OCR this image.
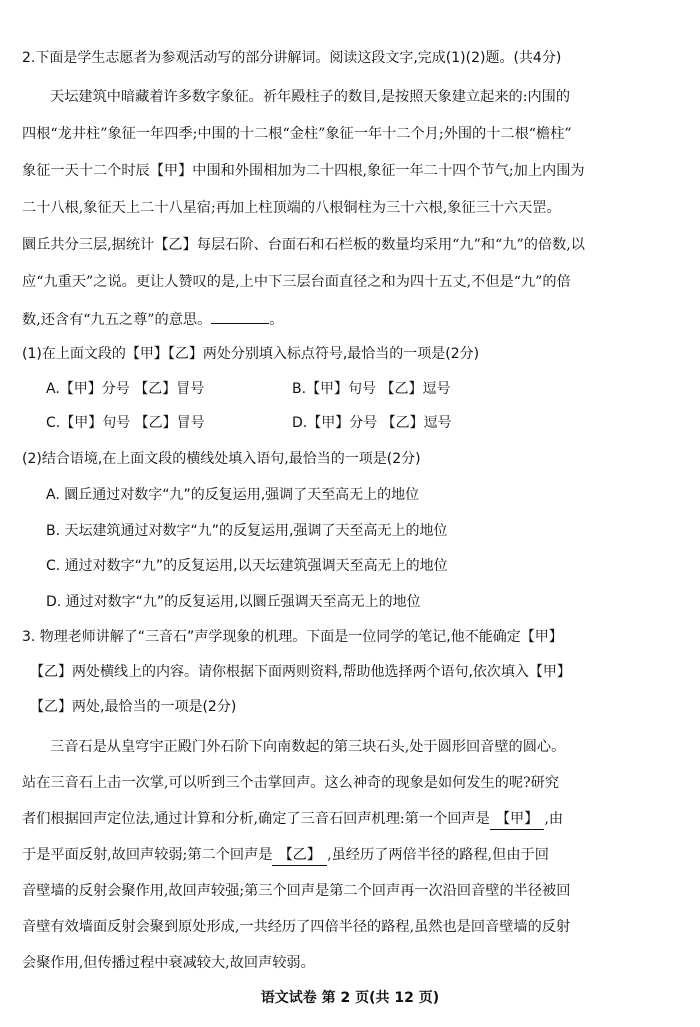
2.下面是学生志愿者为参观活动写的部分讲解词。阅读这段文字,完成(1)(2)题。(共4分)
天坛建筑中暗藏着许多数字象征。祈年殿柱子的数目,是按照天象建立起来的:内围的
四根“龙井柱”象征一年四季;中围的十二根“金柱”象征一年十二个月;外围的十二根“檐柱”
象征一天十二个时辰【甲】中围和外围相加为二十四根,象征一年二十四个节气;加上内围为
二十八根,象征天上二十八星宿;再加上柱顶端的八根铜柱为三十六根,象征三十六天罡。
圜丘共分三层,据统计【乙】每层石阶、台面石和石栏板的数量均采用“九”和“九”的倍数,以
应“九重天”之说。更让人赞叹的是,上中下三层台面直径之和为四十五丈,不但是“九”的倍
数,还含有“九五之尊”的意思。	。
(1)在上面文段的【甲】【乙】两处分别填入标点符号,最恰当的一项是(2分)
A.【甲】分号 【乙】冒号	B.【甲】句号 【乙】逗号
C.【甲】句号 【乙】冒号	D.【甲】分号 【乙】逗号
(2)结合语境,在上面文段的横线处填入语句,最恰当的一项是(2分)
A. 圜丘通过对数字“九”的反复运用,强调了天至高无上的地位
B. 天坛建筑通过对数字“九”的反复运用,强调了天至高无上的地位
C. 通过对数字“九”的反复运用,以天坛建筑强调天至高无上的地位
D. 通过对数字“九”的反复运用,以圜丘强调天至高无上的地位
3. 物理老师讲解了“三音石”声学现象的机理。下面是一位同学的笔记,他不能确定【甲】
【乙】两处横线上的内容。请你根据下面两则资料,帮助他选择两个语句,依次填入【甲】
【乙】两处,最恰当的一项是(2分)
三音石是从皇穹宇正殿门外石阶下向南数起的第三块石头,处于圆形回音壁的圆心。
站在三音石上击一次掌,可以听到三个击掌回声。这么神奇的现象是如何发生的呢?研究
者们根据回声定位法,通过计算和分析,确定了三音石回声机理:第一个回声是 【甲】 ,由
于是平面反射,故回声较弱;第二个回声是 【乙】 ,虽经历了两倍半径的路程,但由于回
音壁墙的反射会聚作用,故回声较强;第三个回声是第二个回声再一次沿回音壁的半径被回
音壁有效墙面反射会聚到原处形成,一共经历了四倍半径的路程,虽然也是回音壁墙的反射
会聚作用,但传播过程中衰减较大,故回声较弱。
语文试卷 第 2 页(共 12 页)
